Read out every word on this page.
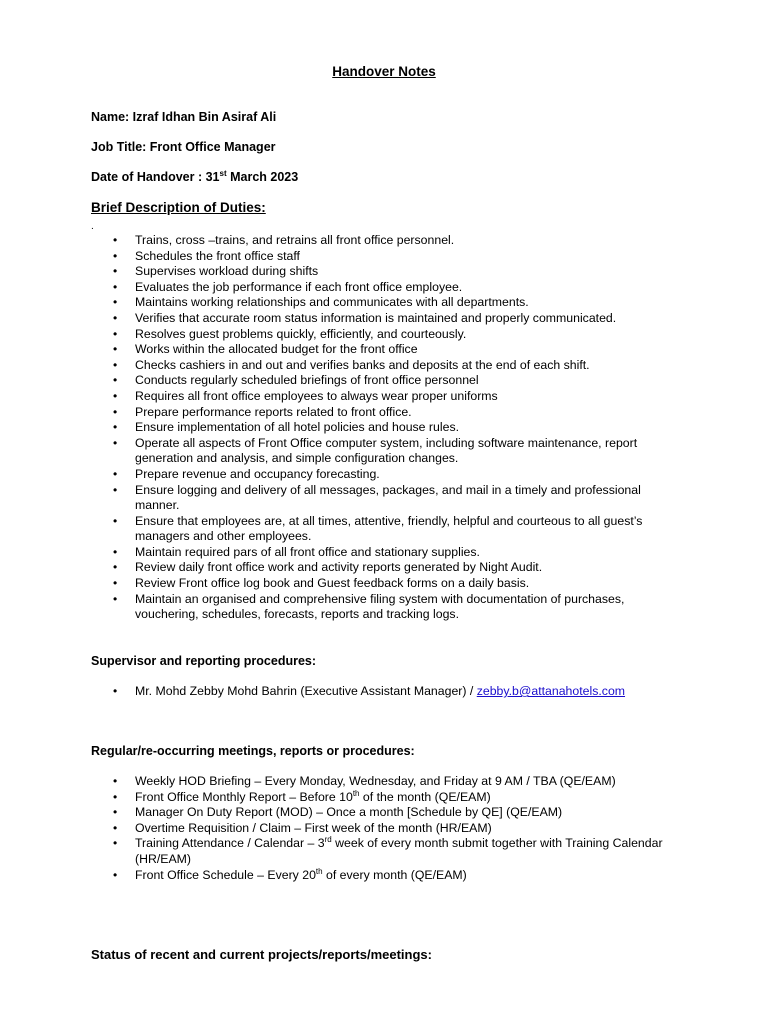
Handover Notes
Name: Izraf Idhan Bin Asiraf Ali
Job Title: Front Office Manager
Date of Handover : 31st March 2023
Brief Description of Duties:
.
• Trains, cross –trains, and retrains all front office personnel.
• Schedules the front office staff
• Supervises workload during shifts
• Evaluates the job performance if each front office employee.
• Maintains working relationships and communicates with all departments.
• Verifies that accurate room status information is maintained and properly communicated.
• Resolves guest problems quickly, efficiently, and courteously.
• Works within the allocated budget for the front office
• Checks cashiers in and out and verifies banks and deposits at the end of each shift.
• Conducts regularly scheduled briefings of front office personnel
• Requires all front office employees to always wear proper uniforms
• Prepare performance reports related to front office.
• Ensure implementation of all hotel policies and house rules.
• Operate all aspects of Front Office computer system, including software maintenance, report generation and analysis, and simple configuration changes.
• Prepare revenue and occupancy forecasting.
• Ensure logging and delivery of all messages, packages, and mail in a timely and professional manner.
• Ensure that employees are, at all times, attentive, friendly, helpful and courteous to all guest’s managers and other employees.
• Maintain required pars of all front office and stationary supplies.
• Review daily front office work and activity reports generated by Night Audit.
• Review Front office log book and Guest feedback forms on a daily basis.
• Maintain an organised and comprehensive filing system with documentation of purchases, vouchering, schedules, forecasts, reports and tracking logs.
Supervisor and reporting procedures:
• Mr. Mohd Zebby Mohd Bahrin (Executive Assistant Manager) / zebby.b@attanahotels.com
Regular/re-occurring meetings, reports or procedures:
• Weekly HOD Briefing – Every Monday, Wednesday, and Friday at 9 AM / TBA (QE/EAM)
• Front Office Monthly Report – Before 10th of the month (QE/EAM)
• Manager On Duty Report (MOD) – Once a month [Schedule by QE] (QE/EAM)
• Overtime Requisition / Claim – First week of the month (HR/EAM)
• Training Attendance / Calendar – 3rd week of every month submit together with Training Calendar (HR/EAM)
• Front Office Schedule – Every 20th of every month (QE/EAM)
Status of recent and current projects/reports/meetings:
